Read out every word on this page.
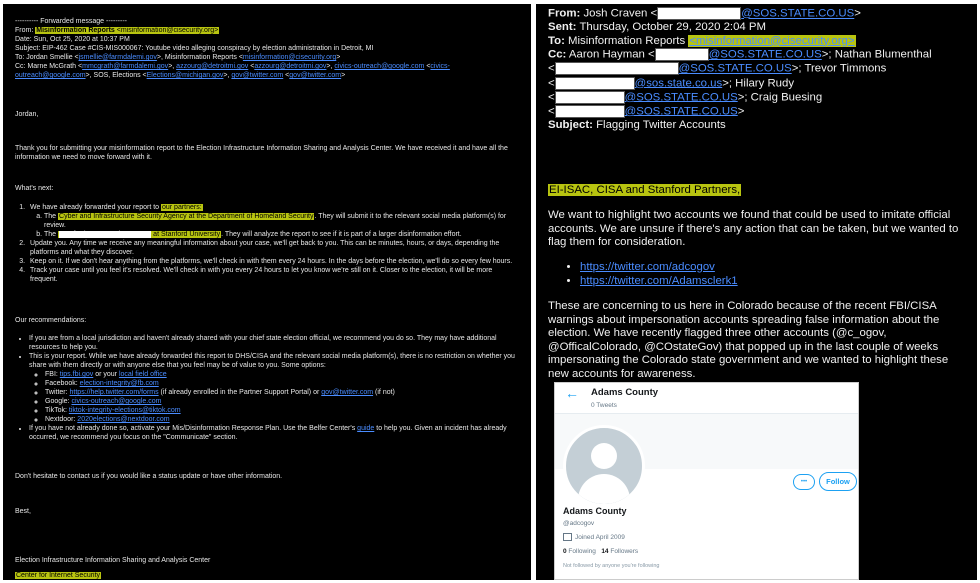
---------- Forwarded message ---------

From: Misinformation Reports <misinformation@cisecurity.org>

Date: Sun, Oct 25, 2020 at 10:37 PM

Subject: EIP-462 Case #CIS-MIS000067: Youtube video alleging conspiracy by election administration in Detroit, MI

To: Jordan Smellie <jsmellie@farmdalemi.gov>, Misinformation Reports <misinformation@cisecurity.org>

Cc: Marne McGrath <mmcgrath@farmdalemi.gov>, azzourg@detroitmi.gov <azzourg@detroitmi.gov>, civics-outreach@google.com <civics-outreach@google.com>, SOS, Elections <Elections@michigan.gov>, gov@twitter.com <gov@twitter.com>

Jordan,

Thank you for submitting your misinformation report to the Election Infrastructure Information Sharing and Analysis Center. We have received it and have all the information we need to move forward with it.

What's next:

1. We have already forwarded your report to our partners:
a. The Cyber and Infrastructure Security Agency at the Department of Homeland Security. They will submit it to the relevant social media platform(s) for review.
b. The Stanford Internet Observatory at Stanford University. They will analyze the report to see if it is part of a larger disinformation effort.
2. Update you. Any time we receive any meaningful information about your case, we'll get back to you. This can be minutes, hours, or days, depending the platforms and what they discover.
3. Keep on it. If we don't hear anything from the platforms, we'll check in with them every 24 hours. In the days before the election, we'll do so every few hours.
4. Track your case until you feel it's resolved. We'll check in with you every 24 hours to let you know we're still on it. Closer to the election, it will be more frequent.

Our recommendations:

• If you are from a local jurisdiction and haven't already shared with your chief state election official, we recommend you do so. They may have additional resources to help you.
• This is your report. While we have already forwarded this report to DHS/CISA and the relevant social media platform(s), there is no restriction on whether you share with them directly or with anyone else that you feel may be of value to you. Some options:
◦ FBI: tips.fbi.gov or your local field office
◦ Facebook: election-integrity@fb.com
◦ Twitter: https://help.twitter.com/forms (if already enrolled in the Partner Support Portal) or gov@twitter.com (if not)
◦ Google: civics-outreach@google.com
◦ TikTok: tiktok-integrity-elections@tiktok.com
◦ Nextdoor: 2020elections@nextdoor.com
• If you have not already done so, activate your Mis/Disinformation Response Plan. Use the Belfer Center's guide to help you. Given an incident has already occurred, we recommend you focus on the "Communicate" section.

Don't hesitate to contact us if you would like a status update or have other information.

Best,

Election Infrastructure Information Sharing and Analysis Center

Center for Internet Security

From: Josh Craven <	@SOS.STATE.CO.US>
Sent: Thursday, October 29, 2020 2:04 PM
To: Misinformation Reports <misinformation@cisecurity.org>
Cc: Aaron Hayman <	@SOS.STATE.CO.US>; Nathan Blumenthal
<	@SOS.STATE.CO.US>; Trevor Timmons
<	@sos.state.co.us>; Hilary Rudy
<	@SOS.STATE.CO.US>; Craig Buesing
<	@SOS.STATE.CO.US>
Subject: Flagging Twitter Accounts
EI-ISAC, CISA and Stanford Partners,

We want to highlight two accounts we found that could be used to imitate official accounts. We are unsure if there's any action that can be taken, but we wanted to flag them for consideration.

• https://twitter.com/adcogov
• https://twitter.com/Adamsclerk1

These are concerning to us here in Colorado because of the recent FBI/CISA warnings about impersonation accounts spreading false information about the election. We have recently flagged three other accounts (@c_ogov, @OfficalColorado, @COstateGov) that popped up in the last couple of weeks impersonating the Colorado state government and we wanted to highlight these new accounts for awareness.

← Adams County
0 Tweets
•••	Follow
Adams County
@adcogov
Joined April 2009
0 Following 14 Followers
Not followed by anyone you're following
